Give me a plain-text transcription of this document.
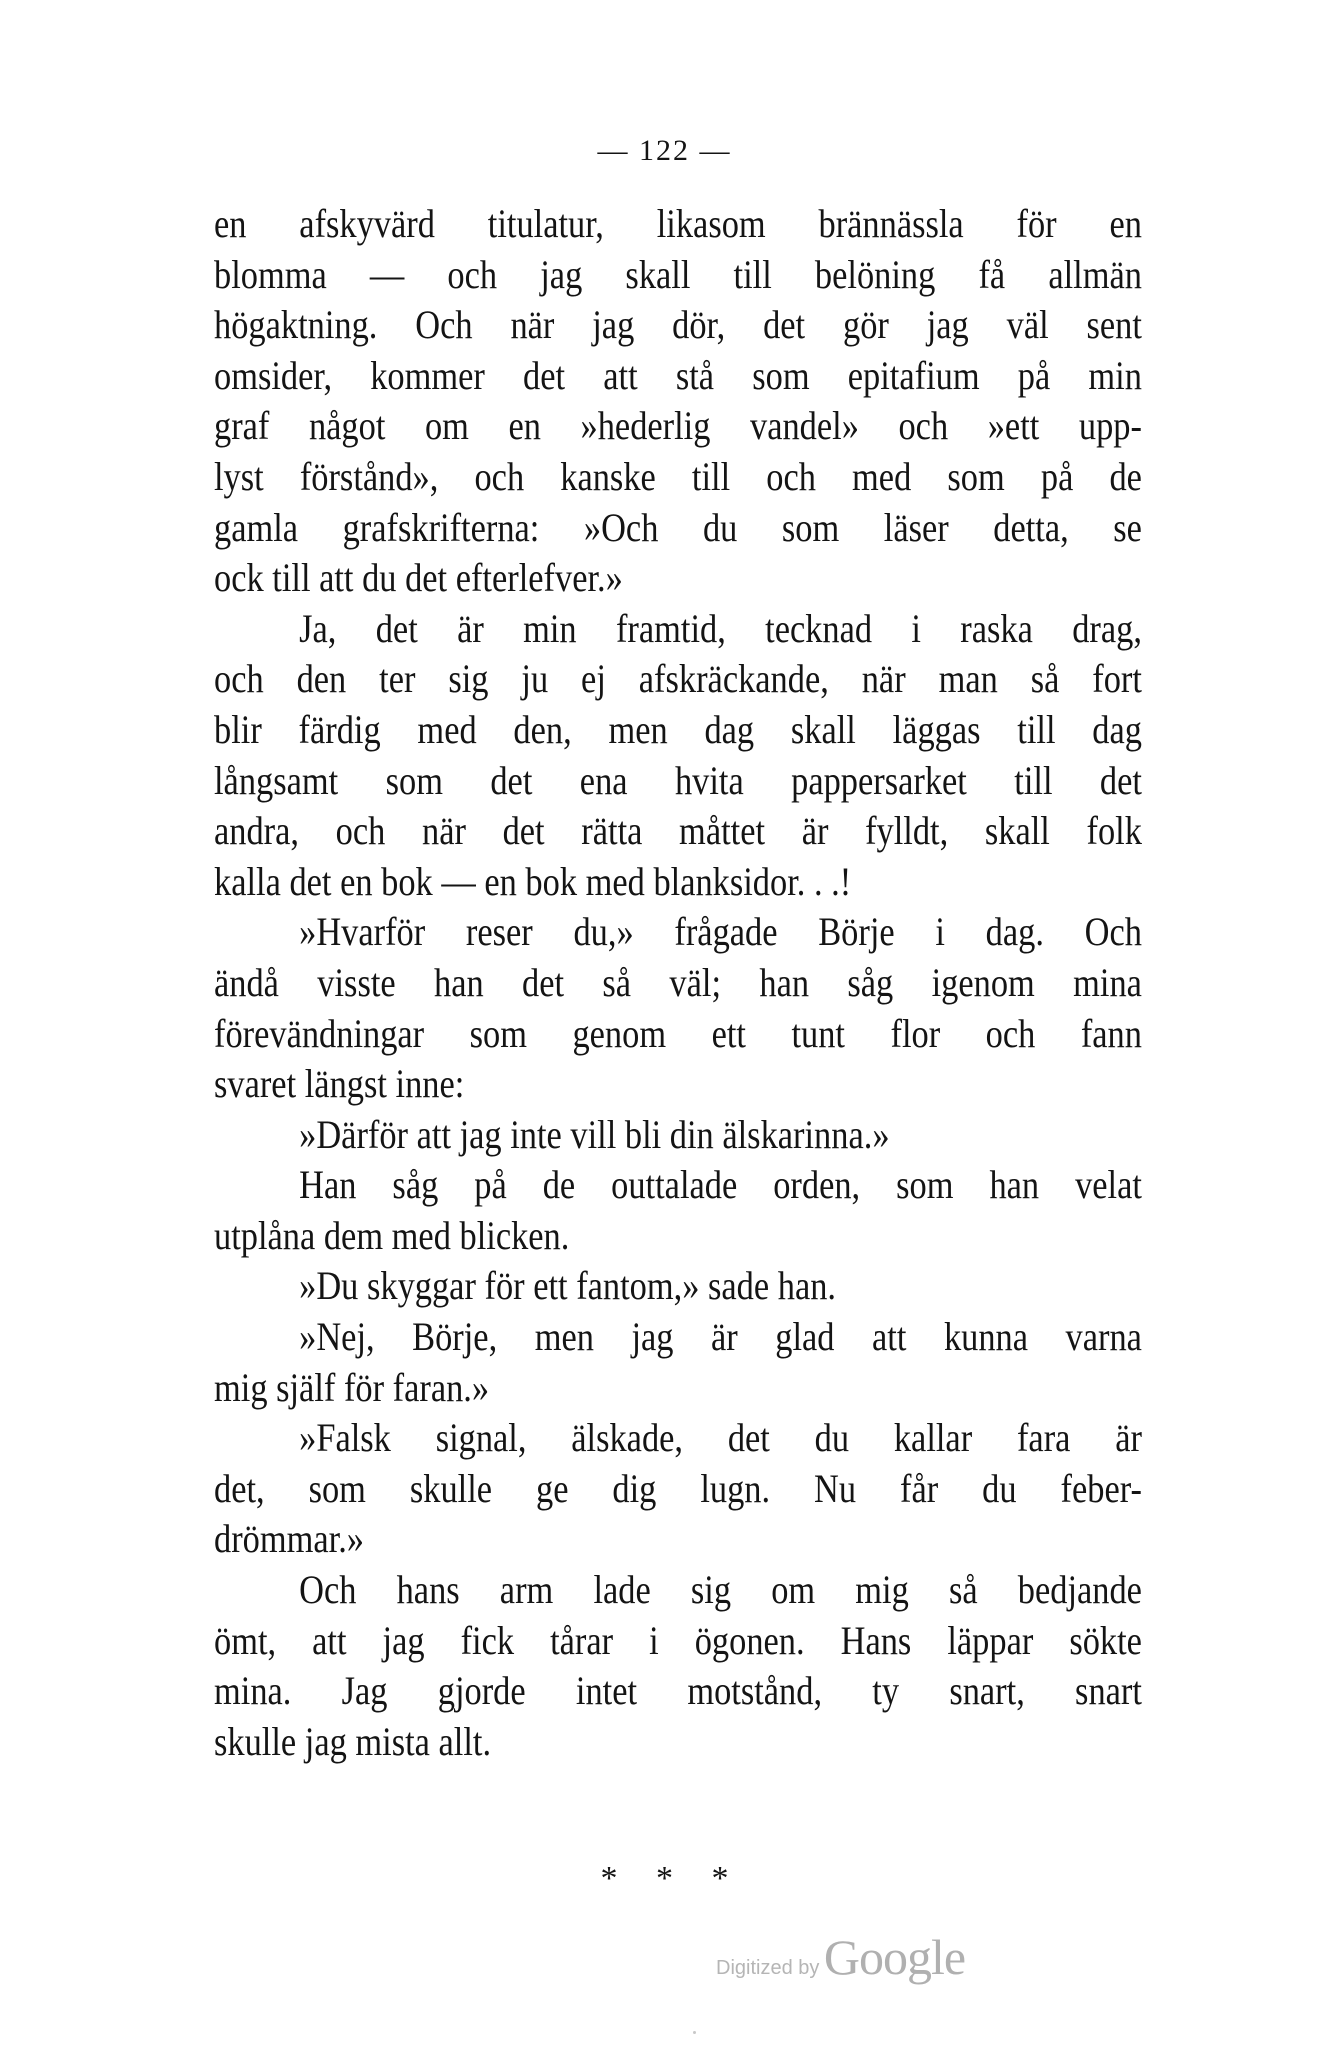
— 122 —
en afskyvärd titulatur, likasom brännässla för en
blomma — och jag skall till belöning få allmän
högaktning. Och när jag dör, det gör jag väl sent
omsider, kommer det att stå som epitafium på min
graf något om en »hederlig vandel» och »ett upp-
lyst förstånd», och kanske till och med som på de
gamla grafskrifterna: »Och du som läser detta, se
ock till att du det efterlefver.»
Ja, det är min framtid, tecknad i raska drag,
och den ter sig ju ej afskräckande, när man så fort
blir färdig med den, men dag skall läggas till dag
långsamt som det ena hvita pappersarket till det
andra, och när det rätta måttet är fylldt, skall folk
kalla det en bok — en bok med blanksidor. . .!
»Hvarför reser du,» frågade Börje i dag. Och
ändå visste han det så väl; han såg igenom mina
förevändningar som genom ett tunt flor och fann
svaret längst inne:
»Därför att jag inte vill bli din älskarinna.»
Han såg på de outtalade orden, som han velat
utplåna dem med blicken.
»Du skyggar för ett fantom,» sade han.
»Nej, Börje, men jag är glad att kunna varna
mig själf för faran.»
»Falsk signal, älskade, det du kallar fara är
det, som skulle ge dig lugn. Nu får du feber-
drömmar.»
Och hans arm lade sig om mig så bedjande
ömt, att jag fick tårar i ögonen. Hans läppar sökte
mina. Jag gjorde intet motstånd, ty snart, snart
skulle jag mista allt.
* * *
Digitized by Google
